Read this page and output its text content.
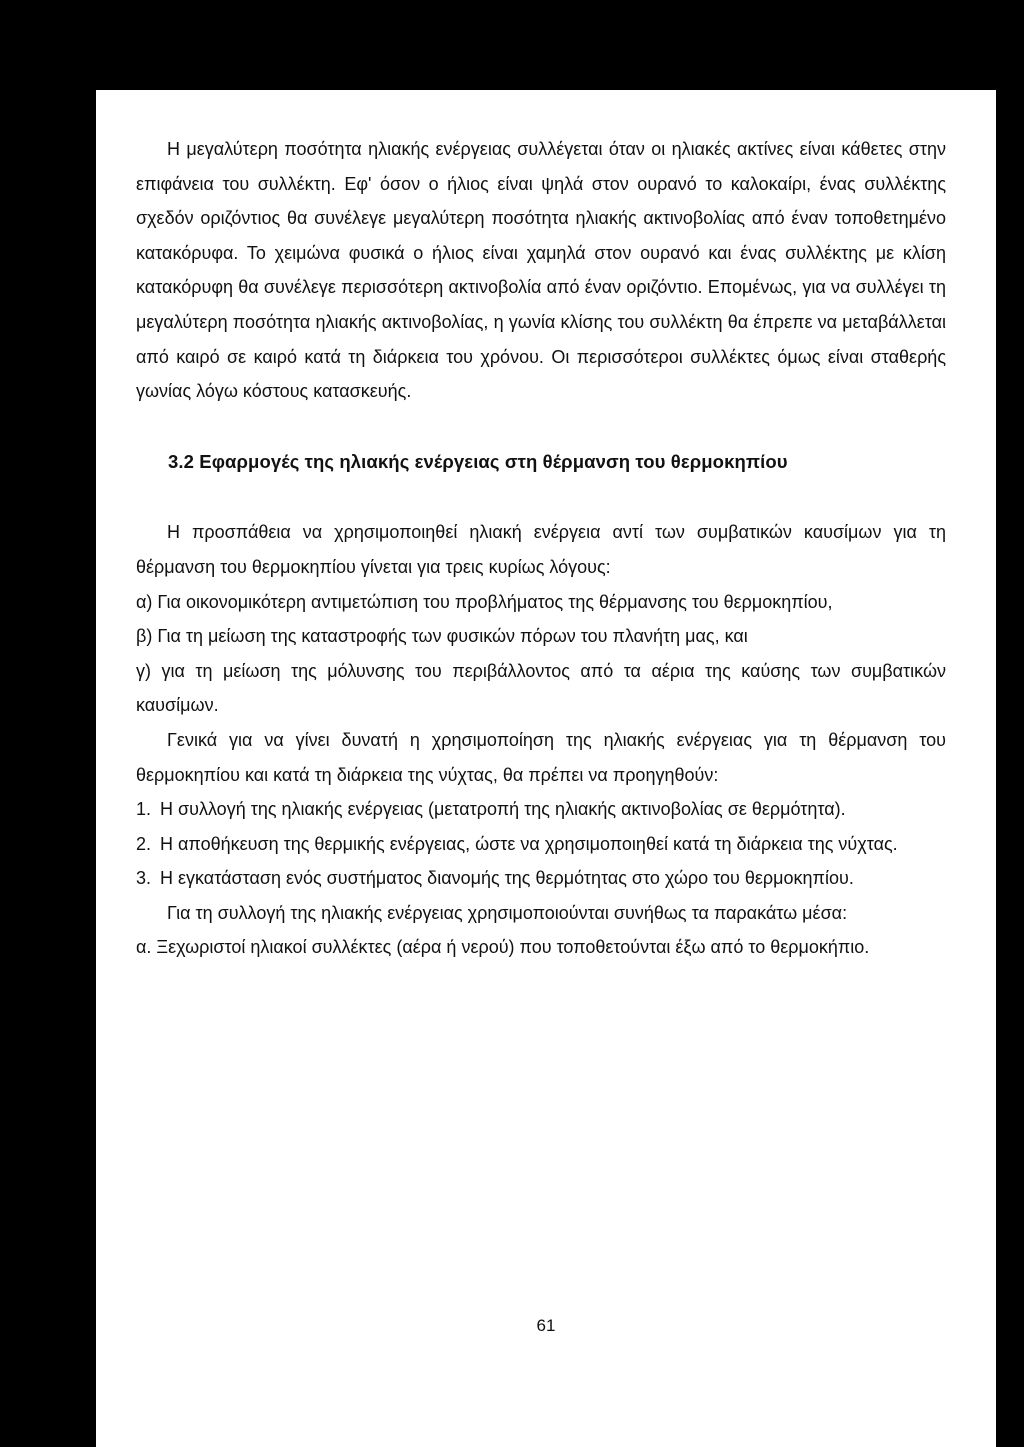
Η μεγαλύτερη ποσότητα ηλιακής ενέργειας συλλέγεται όταν οι ηλιακές ακτίνες είναι κάθετες στην επιφάνεια του συλλέκτη. Εφ' όσον ο ήλιος είναι ψηλά στον ουρανό το καλοκαίρι, ένας συλλέκτης σχεδόν οριζόντιος θα συνέλεγε μεγαλύτερη ποσότητα ηλιακής ακτινοβολίας από έναν τοποθετημένο κατακόρυφα. Το χειμώνα φυσικά ο ήλιος είναι χαμηλά στον ουρανό και ένας συλλέκτης με κλίση κατακόρυφη θα συνέλεγε περισσότερη ακτινοβολία από έναν οριζόντιο. Επομένως, για να συλλέγει τη μεγαλύτερη ποσότητα ηλιακής ακτινοβολίας, η γωνία κλίσης του συλλέκτη θα έπρεπε να μεταβάλλεται από καιρό σε καιρό κατά τη διάρκεια του χρόνου. Οι περισσότεροι συλλέκτες όμως είναι σταθερής γωνίας λόγω κόστους κατασκευής.

3.2 Εφαρμογές της ηλιακής ενέργειας στη θέρμανση του θερμοκηπίου

Η προσπάθεια να χρησιμοποιηθεί ηλιακή ενέργεια αντί των συμβατικών καυσίμων για τη θέρμανση του θερμοκηπίου γίνεται για τρεις κυρίως λόγους:

α) Για οικονομικότερη αντιμετώπιση του προβλήματος της θέρμανσης του θερμοκηπίου,

β) Για τη μείωση της καταστροφής των φυσικών πόρων του πλανήτη μας, και

γ) για τη μείωση της μόλυνσης του περιβάλλοντος από τα αέρια της καύσης των συμβατικών καυσίμων.

Γενικά για να γίνει δυνατή η χρησιμοποίηση της ηλιακής ενέργειας για τη θέρμανση του θερμοκηπίου και κατά τη διάρκεια της νύχτας, θα πρέπει να προηγηθούν:

1. Η συλλογή της ηλιακής ενέργειας (μετατροπή της ηλιακής ακτινοβολίας σε θερμότητα).
2. Η αποθήκευση της θερμικής ενέργειας, ώστε να χρησιμοποιηθεί κατά τη διάρκεια της νύχτας.
3. Η εγκατάσταση ενός συστήματος διανομής της θερμότητας στο χώρο του θερμοκηπίου.

Για τη συλλογή της ηλιακής ενέργειας χρησιμοποιούνται συνήθως τα παρακάτω μέσα:

α. Ξεχωριστοί ηλιακοί συλλέκτες (αέρα ή νερού) που τοποθετούνται έξω από το θερμοκήπιο.

61
